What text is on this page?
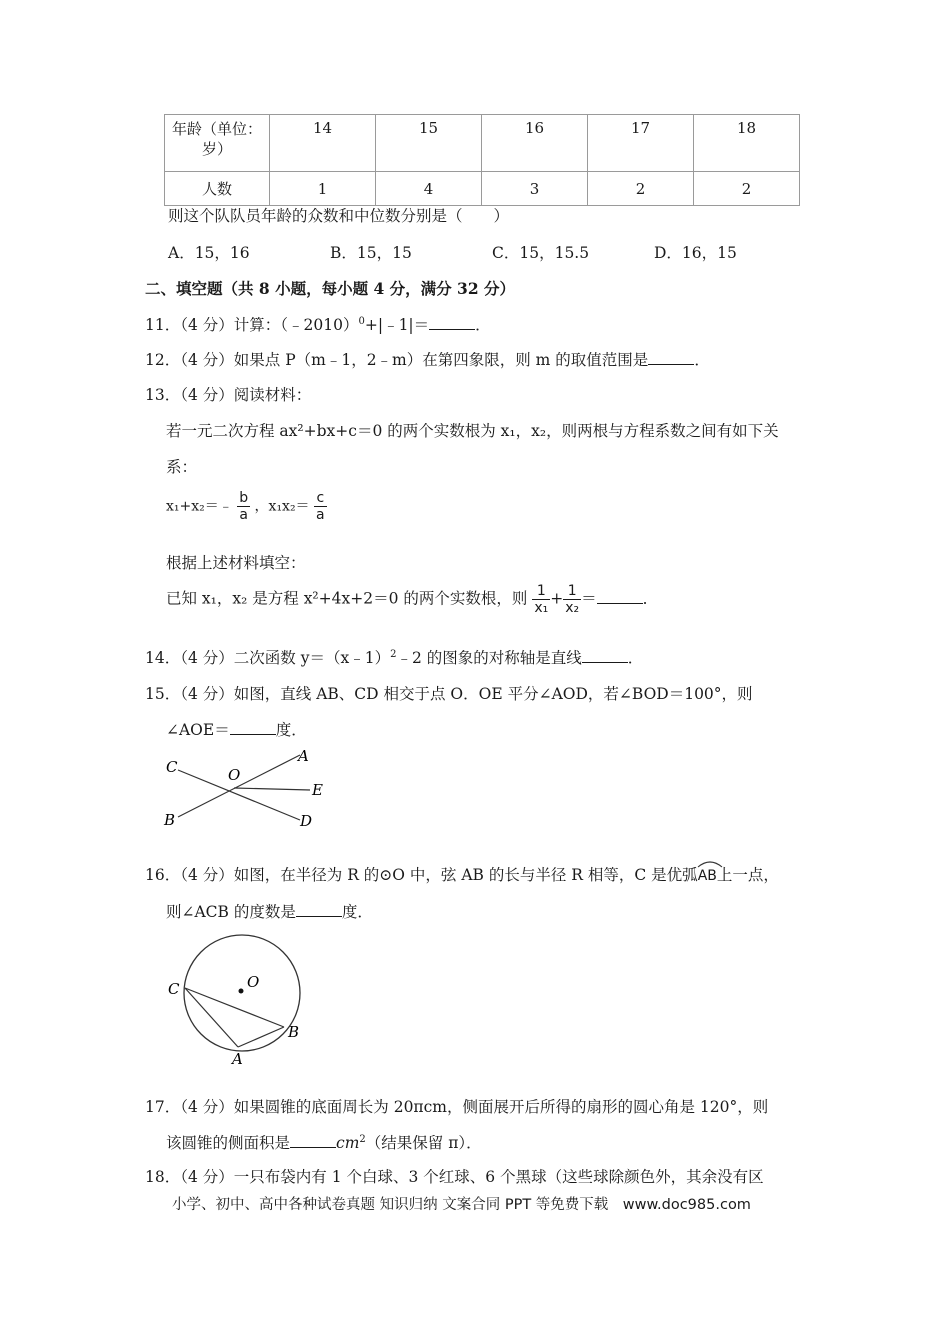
年龄（单位：岁）	14	15	16	17	18
人数	1	4	3	2	2
则这个队队员年龄的众数和中位数分别是（　　）
A．15，16	B．15，15	C．15，15.5	D．16，15
二、填空题（共 8 小题，每小题 4 分，满分 32 分）
11．（4 分）计算：（﹣2010）$^0$+|﹣1|＝	．
12．（4 分）如果点 P（m﹣1，2﹣m）在第四象限，则 m 的取值范围是	．
13．（4 分）阅读材料：
若一元二次方程 ax²+bx+c＝0 的两个实数根为 x₁，x₂，则两根与方程系数之间有如下关
系：
x₁+x₂＝﹣ $\frac{b}{a}$ ，$x_1x_2= \frac{c}{a}$
根据上述材料填空：
已知 x₁，x₂ 是方程 x²+4x+2＝0 的两个实数根，则 $\frac{1}{\text{x₁}} + \frac{1}{\text{x₂}}$ ＝	．
14．（4 分）二次函数 y＝（x﹣1）$^2$﹣2 的图象的对称轴是直线	．
15．（4 分）如图，直线 AB、CD 相交于点 O．OE 平分∠AOD，若∠BOD＝100°，则
∠AOE＝	度．
C	O
A
E
B	D
16．（4 分）如图，在半径为 R 的⊙O 中，弦 AB 的长与半径 R 相等，C 是优弧
AB上一点，
则∠ACB 的度数是	度．
C	O
A
B
17．（4 分）如果圆锥的底面周长为 20πcm，侧面展开后所得的扇形的圆心角是 120°，则
该圆锥的侧面积是	$cm^2$（结果保留 π）．
18．（4 分）一只布袋内有 1 个白球、3 个红球、6 个黑球（这些球除颜色外，其余没有区
小学、初中、高中各种试卷真题 知识归纳 文案合同 PPT 等免费下载　www.doc985.com
